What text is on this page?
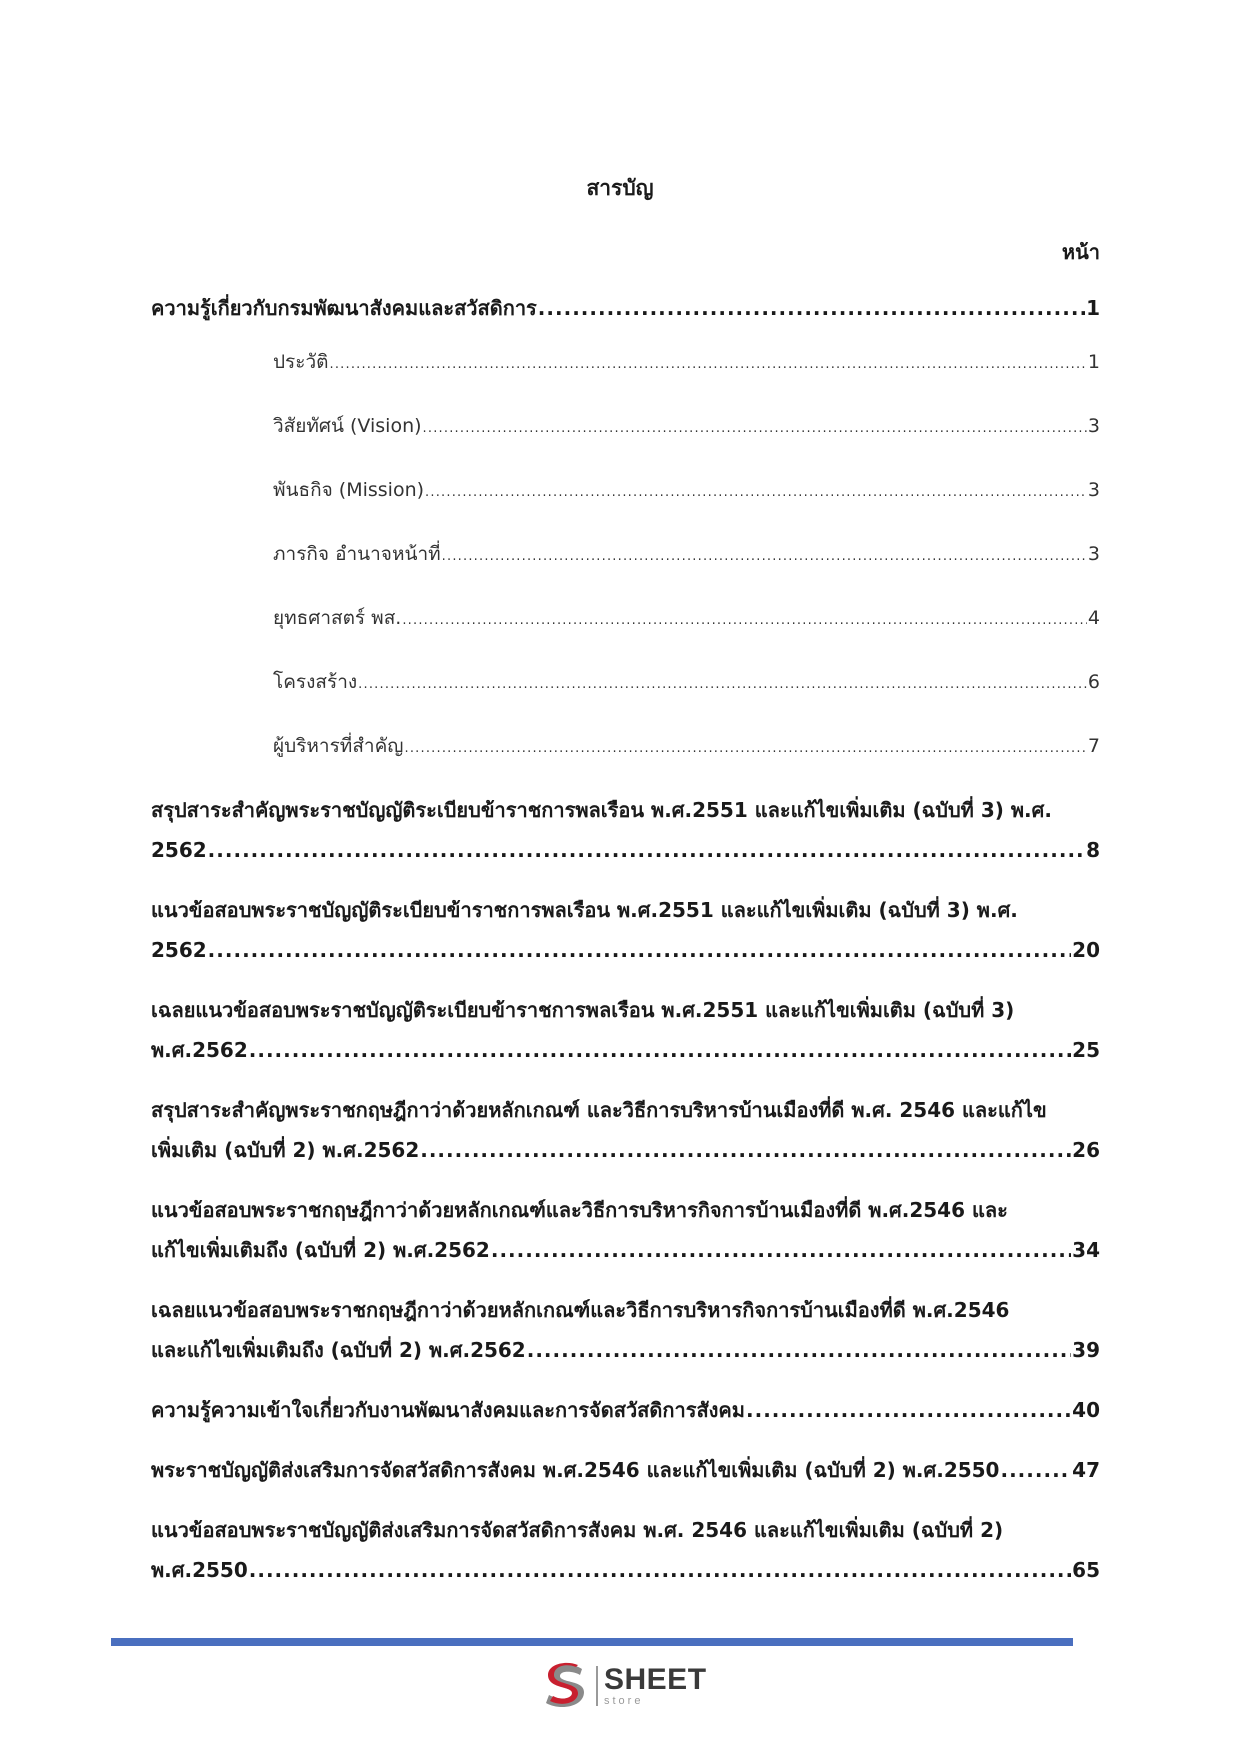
สารบัญ
หน้า
ความรู้เกี่ยวกับกรมพัฒนาสังคมและสวัสดิการ .....	1
ประวัติ .....	1
วิสัยทัศน์ (Vision) .....	3
พันธกิจ (Mission) .....	3
ภารกิจ อำนาจหน้าที่ .....	3
ยุทธศาสตร์ พส. .....	4
โครงสร้าง .....	6
ผู้บริหารที่สำคัญ .....	7
สรุปสาระสำคัญพระราชบัญญัติระเบียบข้าราชการพลเรือน พ.ศ.2551 และแก้ไขเพิ่มเติม (ฉบับที่ 3) พ.ศ.
2562 .....	8
แนวข้อสอบพระราชบัญญัติระเบียบข้าราชการพลเรือน พ.ศ.2551 และแก้ไขเพิ่มเติม (ฉบับที่ 3) พ.ศ.
2562 .....	20
เฉลยแนวข้อสอบพระราชบัญญัติระเบียบข้าราชการพลเรือน พ.ศ.2551 และแก้ไขเพิ่มเติม (ฉบับที่ 3)
พ.ศ.2562 .....	25
สรุปสาระสำคัญพระราชกฤษฎีกาว่าด้วยหลักเกณฑ์ และวิธีการบริหารบ้านเมืองที่ดี พ.ศ. 2546 และแก้ไข
เพิ่มเติม (ฉบับที่ 2) พ.ศ.2562 .....	26
แนวข้อสอบพระราชกฤษฎีกาว่าด้วยหลักเกณฑ์และวิธีการบริหารกิจการบ้านเมืองที่ดี พ.ศ.2546 และ
แก้ไขเพิ่มเติมถึง (ฉบับที่ 2) พ.ศ.2562 .....	34
เฉลยแนวข้อสอบพระราชกฤษฎีกาว่าด้วยหลักเกณฑ์และวิธีการบริหารกิจการบ้านเมืองที่ดี พ.ศ.2546
และแก้ไขเพิ่มเติมถึง (ฉบับที่ 2) พ.ศ.2562 .....	39
ความรู้ความเข้าใจเกี่ยวกับงานพัฒนาสังคมและการจัดสวัสดิการสังคม .....	40
พระราชบัญญัติส่งเสริมการจัดสวัสดิการสังคม พ.ศ.2546 และแก้ไขเพิ่มเติม (ฉบับที่ 2) พ.ศ.2550 .....	47
แนวข้อสอบพระราชบัญญัติส่งเสริมการจัดสวัสดิการสังคม พ.ศ. 2546 และแก้ไขเพิ่มเติม (ฉบับที่ 2)
พ.ศ.2550 .....	65
SHEET
store
